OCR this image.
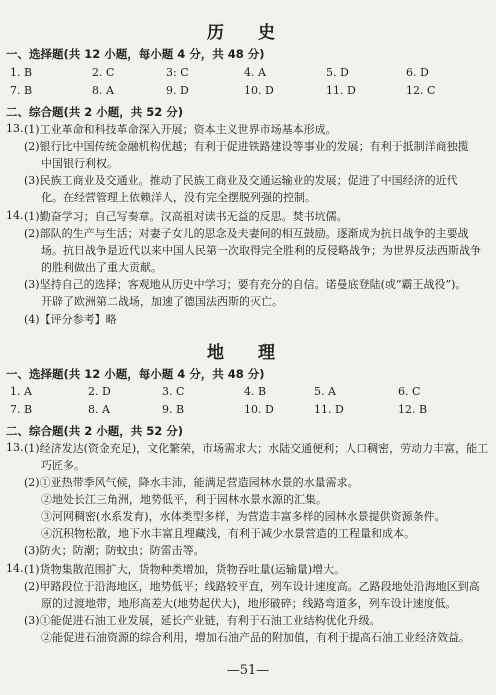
历 史
一、选择题(共 12 小题，每小题 4 分，共 48 分)
1. B	2. C	3: C	4. A	5. D	6. D
7. B	8. A	9. D	10. D	11. D	12. C
二、综合题(共 2 小题，共 52 分)
13. (1)工业革命和科技革命深入开展；资本主义世界市场基本形成。
(2)银行比中国传统金融机构优越；有利于促进铁路建设等事业的发展；有利于抵制洋商独揽
中国银行利权。
(3)民族工商业及交通业。推动了民族工商业及交通运输业的发展；促进了中国经济的近代
化。在经营管理上依赖洋人，没有完全摆脱列强的控制。
14. (1)勤奋学习；自己写奏章。汉高祖对读书无益的反思。焚书坑儒。
(2)部队的生产与生活；对妻子女儿的思念及夫妻间的相互鼓励。逐渐成为抗日战争的主要战
场。抗日战争是近代以来中国人民第一次取得完全胜利的反侵略战争；为世界反法西斯战争
的胜利做出了重大贡献。
(3)坚持自己的选择；客观地从历史中学习；要有充分的自信。诺曼底登陆(或“霸王战役”)。
开辟了欧洲第二战场，加速了德国法西斯的灭亡。
(4)【评分参考】略
地 理
一、选择题(共 12 小题，每小题 4 分，共 48 分)
1. A	2. D	3. C	4. B	5. A	6. C
7. B	8. A	9. B	10. D	11. D	12. B
二、综合题(共 2 小题，共 52 分)
13. (1)经济发达(资金充足)，文化繁荣，市场需求大；水陆交通便利；人口稠密，劳动力丰富，能工
巧匠多。
(2)①亚热带季风气候，降水丰沛，能满足营造园林水景的水量需求。
②地处长江三角洲，地势低平，利于园林水景水源的汇集。
③河网稠密(水系发育)，水体类型多样，为营造丰富多样的园林水景提供资源条件。
④沉积物松散，地下水丰富且埋藏浅，有利于减少水景营造的工程量和成本。
(3)防火；防潮；防蚊虫；防雷击等。
14. (1)货物集散范围扩大，货物种类增加，货物吞吐量(运输量)增大。
(2)甲路段位于沿海地区，地势低平；线路较平直，列车设计速度高。乙路段地处沿海地区到高
原的过渡地带，地形高差大(地势起伏大)，地形破碎；线路弯道多，列车设计速度低。
(3)①能促进石油工业发展，延长产业链，有利于石油工业结构优化升级。
②能促进石油资源的综合利用，增加石油产品的附加值，有利于提高石油工业经济效益。
—51—
